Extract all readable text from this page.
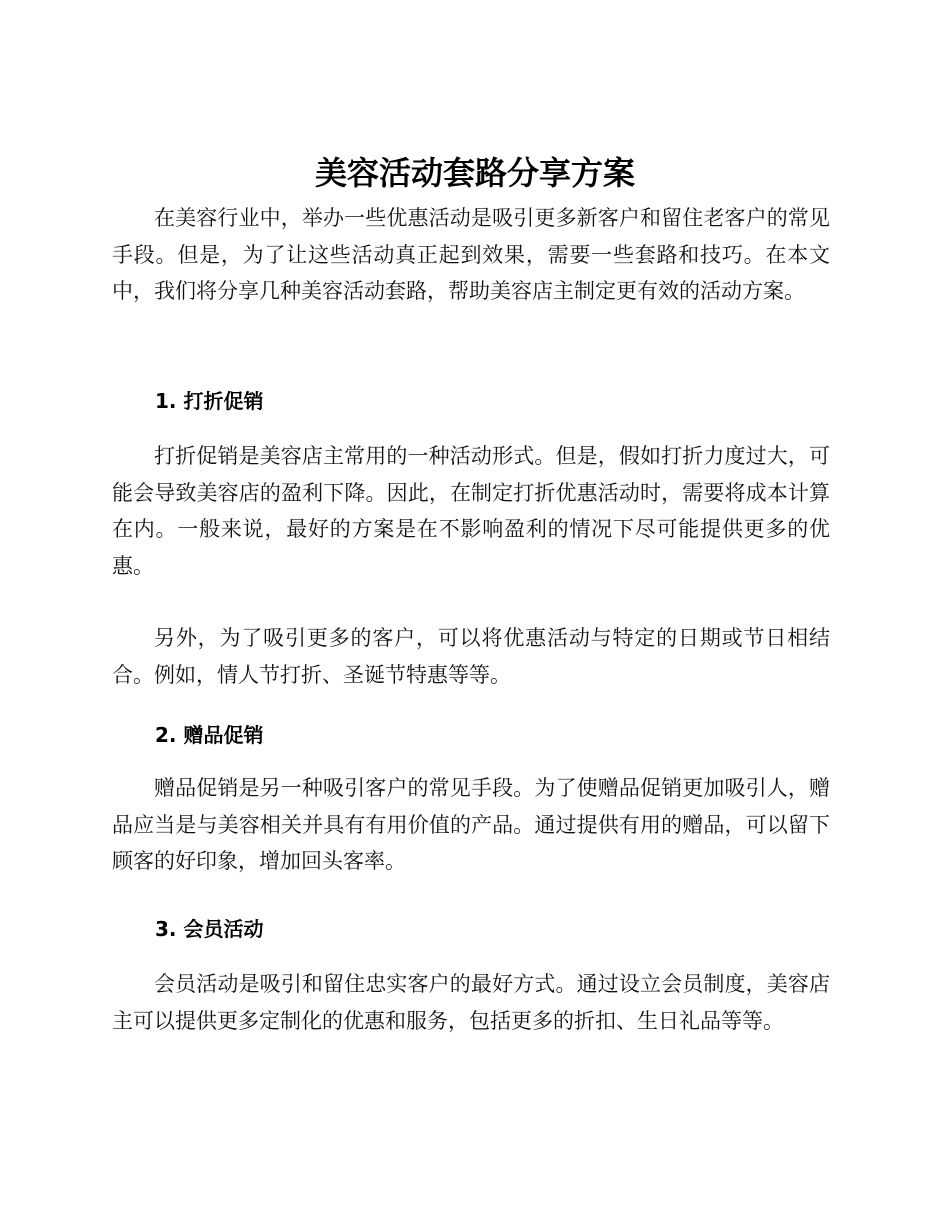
美容活动套路分享方案

在美容行业中，举办一些优惠活动是吸引更多新客户和留住老客户的常见手段。但是，为了让这些活动真正起到效果，需要一些套路和技巧。在本文中，我们将分享几种美容活动套路，帮助美容店主制定更有效的活动方案。

1. 打折促销

打折促销是美容店主常用的一种活动形式。但是，假如打折力度过大，可能会导致美容店的盈利下降。因此，在制定打折优惠活动时，需要将成本计算在内。一般来说，最好的方案是在不影响盈利的情况下尽可能提供更多的优惠。

另外，为了吸引更多的客户，可以将优惠活动与特定的日期或节日相结合。例如，情人节打折、圣诞节特惠等等。

2. 赠品促销

赠品促销是另一种吸引客户的常见手段。为了使赠品促销更加吸引人，赠品应当是与美容相关并具有有用价值的产品。通过提供有用的赠品，可以留下顾客的好印象，增加回头客率。

3. 会员活动

会员活动是吸引和留住忠实客户的最好方式。通过设立会员制度，美容店主可以提供更多定制化的优惠和服务，包括更多的折扣、生日礼品等等。
